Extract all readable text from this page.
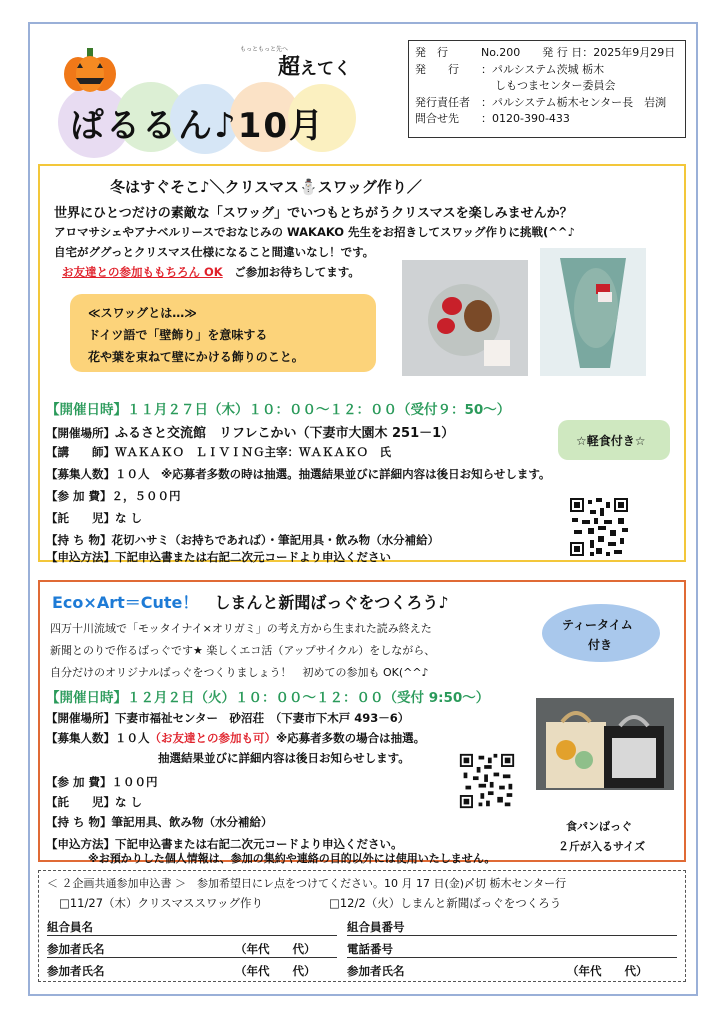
もっともっと先へ
超えてく
ぱるるん♪10月
発　行	No.200　　発 行 日：2025年9月29日
発　　行	：パルシステム茨城 栃木
しもつまセンター委員会
発行責任者	：パルシステム栃木センター長　岩渕
問合せ先	：0120-390-433
冬はすぐそこ♪＼クリスマス⛄スワッグ作り／
世界にひとつだけの素敵な「スワッグ」でいつもとちがうクリスマスを楽しみませんか？
アロマサシェやアナベルリースでおなじみの WAKAKO 先生をお招きしてスワッグ作りに挑戦(^^♪
自宅がググっとクリスマス仕様になること間違いなし！です。
お友達との参加ももちろん OK　 ご参加お待ちしてます。
≪スワッグとは…≫
ドイツ語で「壁飾り」を意味する
花や葉を束ねて壁にかける飾りのこと。
【開催日時】１１月２７日（木）１０：００～１２：００（受付９：50～）
【開催場所】ふるさと交流館　リフレこかい（下妻市大園木 251－1）
【講　　師】ＷＡＫＡＫＯ　ＬＩＶＩＮＧ主宰：ＷＡＫＡＫＯ　氏
【募集人数】１０人　※応募者多数の時は抽選。抽選結果並びに詳細内容は後日お知らせします。
【参 加 費】２，５００円
【託　　児】な し
【持 ち 物】花切ハサミ（お持ちであれば）・筆記用具・飲み物（水分補給）
【申込方法】下記申込書または右記二次元コードより申込ください
☆軽食付き☆
Eco×Art＝Cute！　 しまんと新聞ばっぐをつくろう♪
四万十川流域で「モッタイナイ×オリガミ」の考え方から生まれた読み終えた
新聞とのりで作るばっぐです★ 楽しくエコ活（アップサイクル）をしながら、
自分だけのオリジナルばっぐをつくりましょう！　初めての参加も OK(^^♪
ティータイム
付き
【開催日時】１２月２日（火）１０：００～１２：００（受付 9:50～）
【開催場所】下妻市福祉センター　砂沼荘　（下妻市下木戸 493－6）
【募集人数】１０人（お友達との参加も可）※応募者多数の場合は抽選。
抽選結果並びに詳細内容は後日お知らせします。
【参 加 費】１００円
【託　　児】な し
【持 ち 物】筆記用具、飲み物（水分補給）
【申込方法】下記申込書または右記二次元コードより申込ください。
食パンばっぐ
２斤が入るサイズ
※お預かりした個人情報は、参加の集約や連絡の目的以外には使用いたしません。
＜ ２企画共通参加申込書 ＞　参加希望日にレ点をつけてください。10 月 17 日(金)〆切 栃木センター行
□11/27（木）クリスマススワッグ作り	□12/2（火）しまんと新聞ばっぐをつくろう
組合員名	組合員番号
参加者氏名	（年代　　代）	電話番号
参加者氏名	（年代　　代）	参加者氏名	（年代　　代）
